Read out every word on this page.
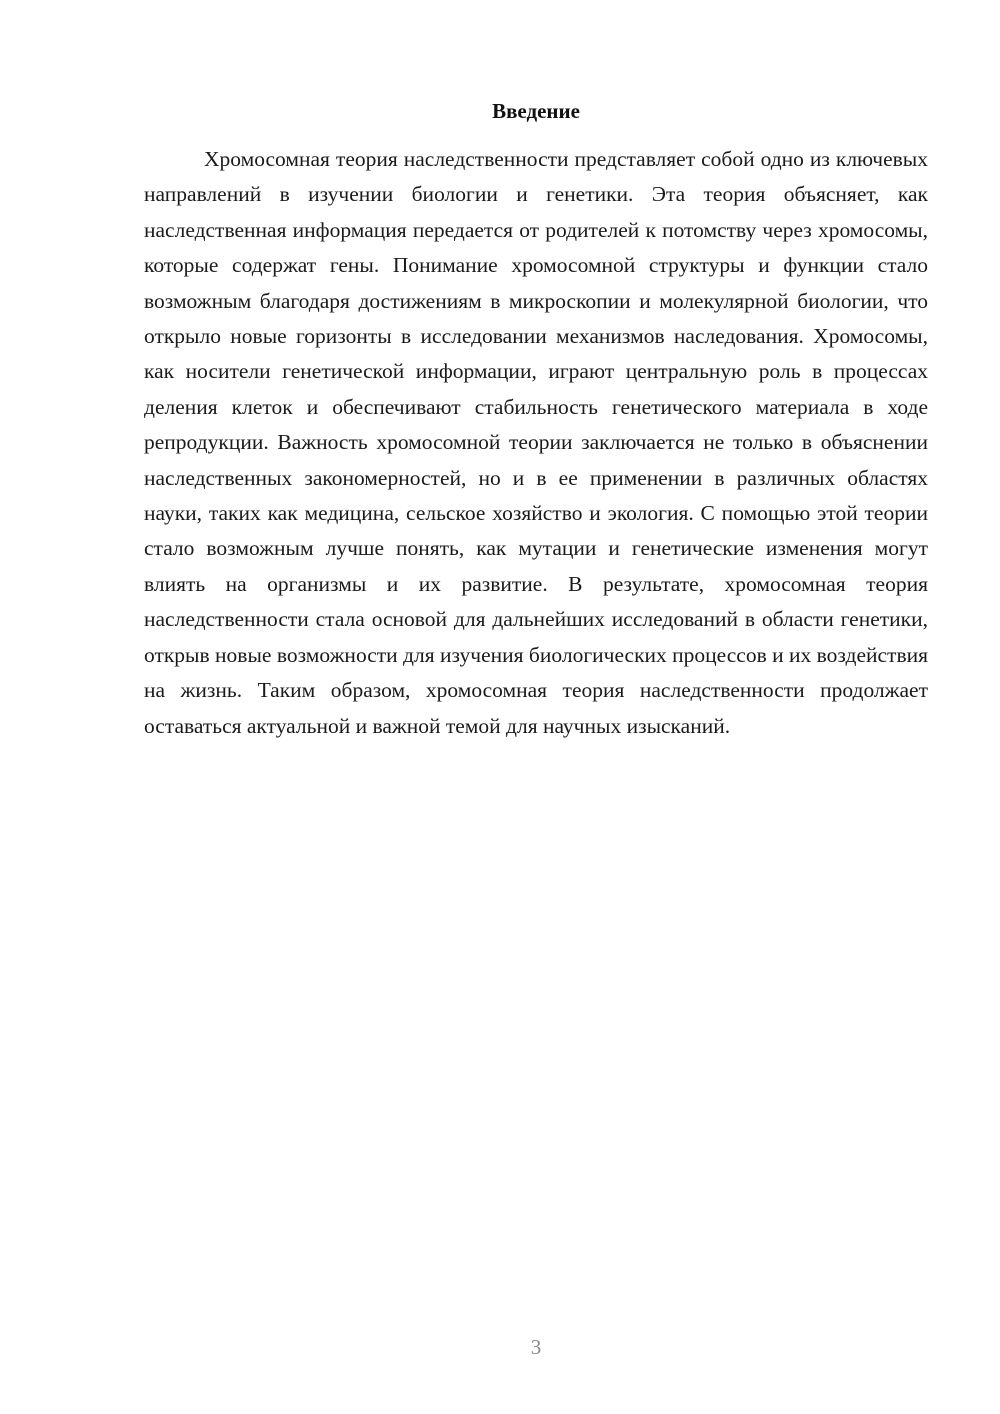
Введение

Хромосомная теория наследственности представляет собой одно из ключевых направлений в изучении биологии и генетики. Эта теория объясняет, как наследственная информация передается от родителей к потомству через хромосомы, которые содержат гены. Понимание хромосомной структуры и функции стало возможным благодаря достижениям в микроскопии и молекулярной биологии, что открыло новые горизонты в исследовании механизмов наследования. Хромосомы, как носители генетической информации, играют центральную роль в процессах деления клеток и обеспечивают стабильность генетического материала в ходе репродукции. Важность хромосомной теории заключается не только в объяснении наследственных закономерностей, но и в ее применении в различных областях науки, таких как медицина, сельское хозяйство и экология. С помощью этой теории стало возможным лучше понять, как мутации и генетические изменения могут влиять на организмы и их развитие. В результате, хромосомная теория наследственности стала основой для дальнейших исследований в области генетики, открыв новые возможности для изучения биологических процессов и их воздействия на жизнь. Таким образом, хромосомная теория наследственности продолжает оставаться актуальной и важной темой для научных изысканий.

3
